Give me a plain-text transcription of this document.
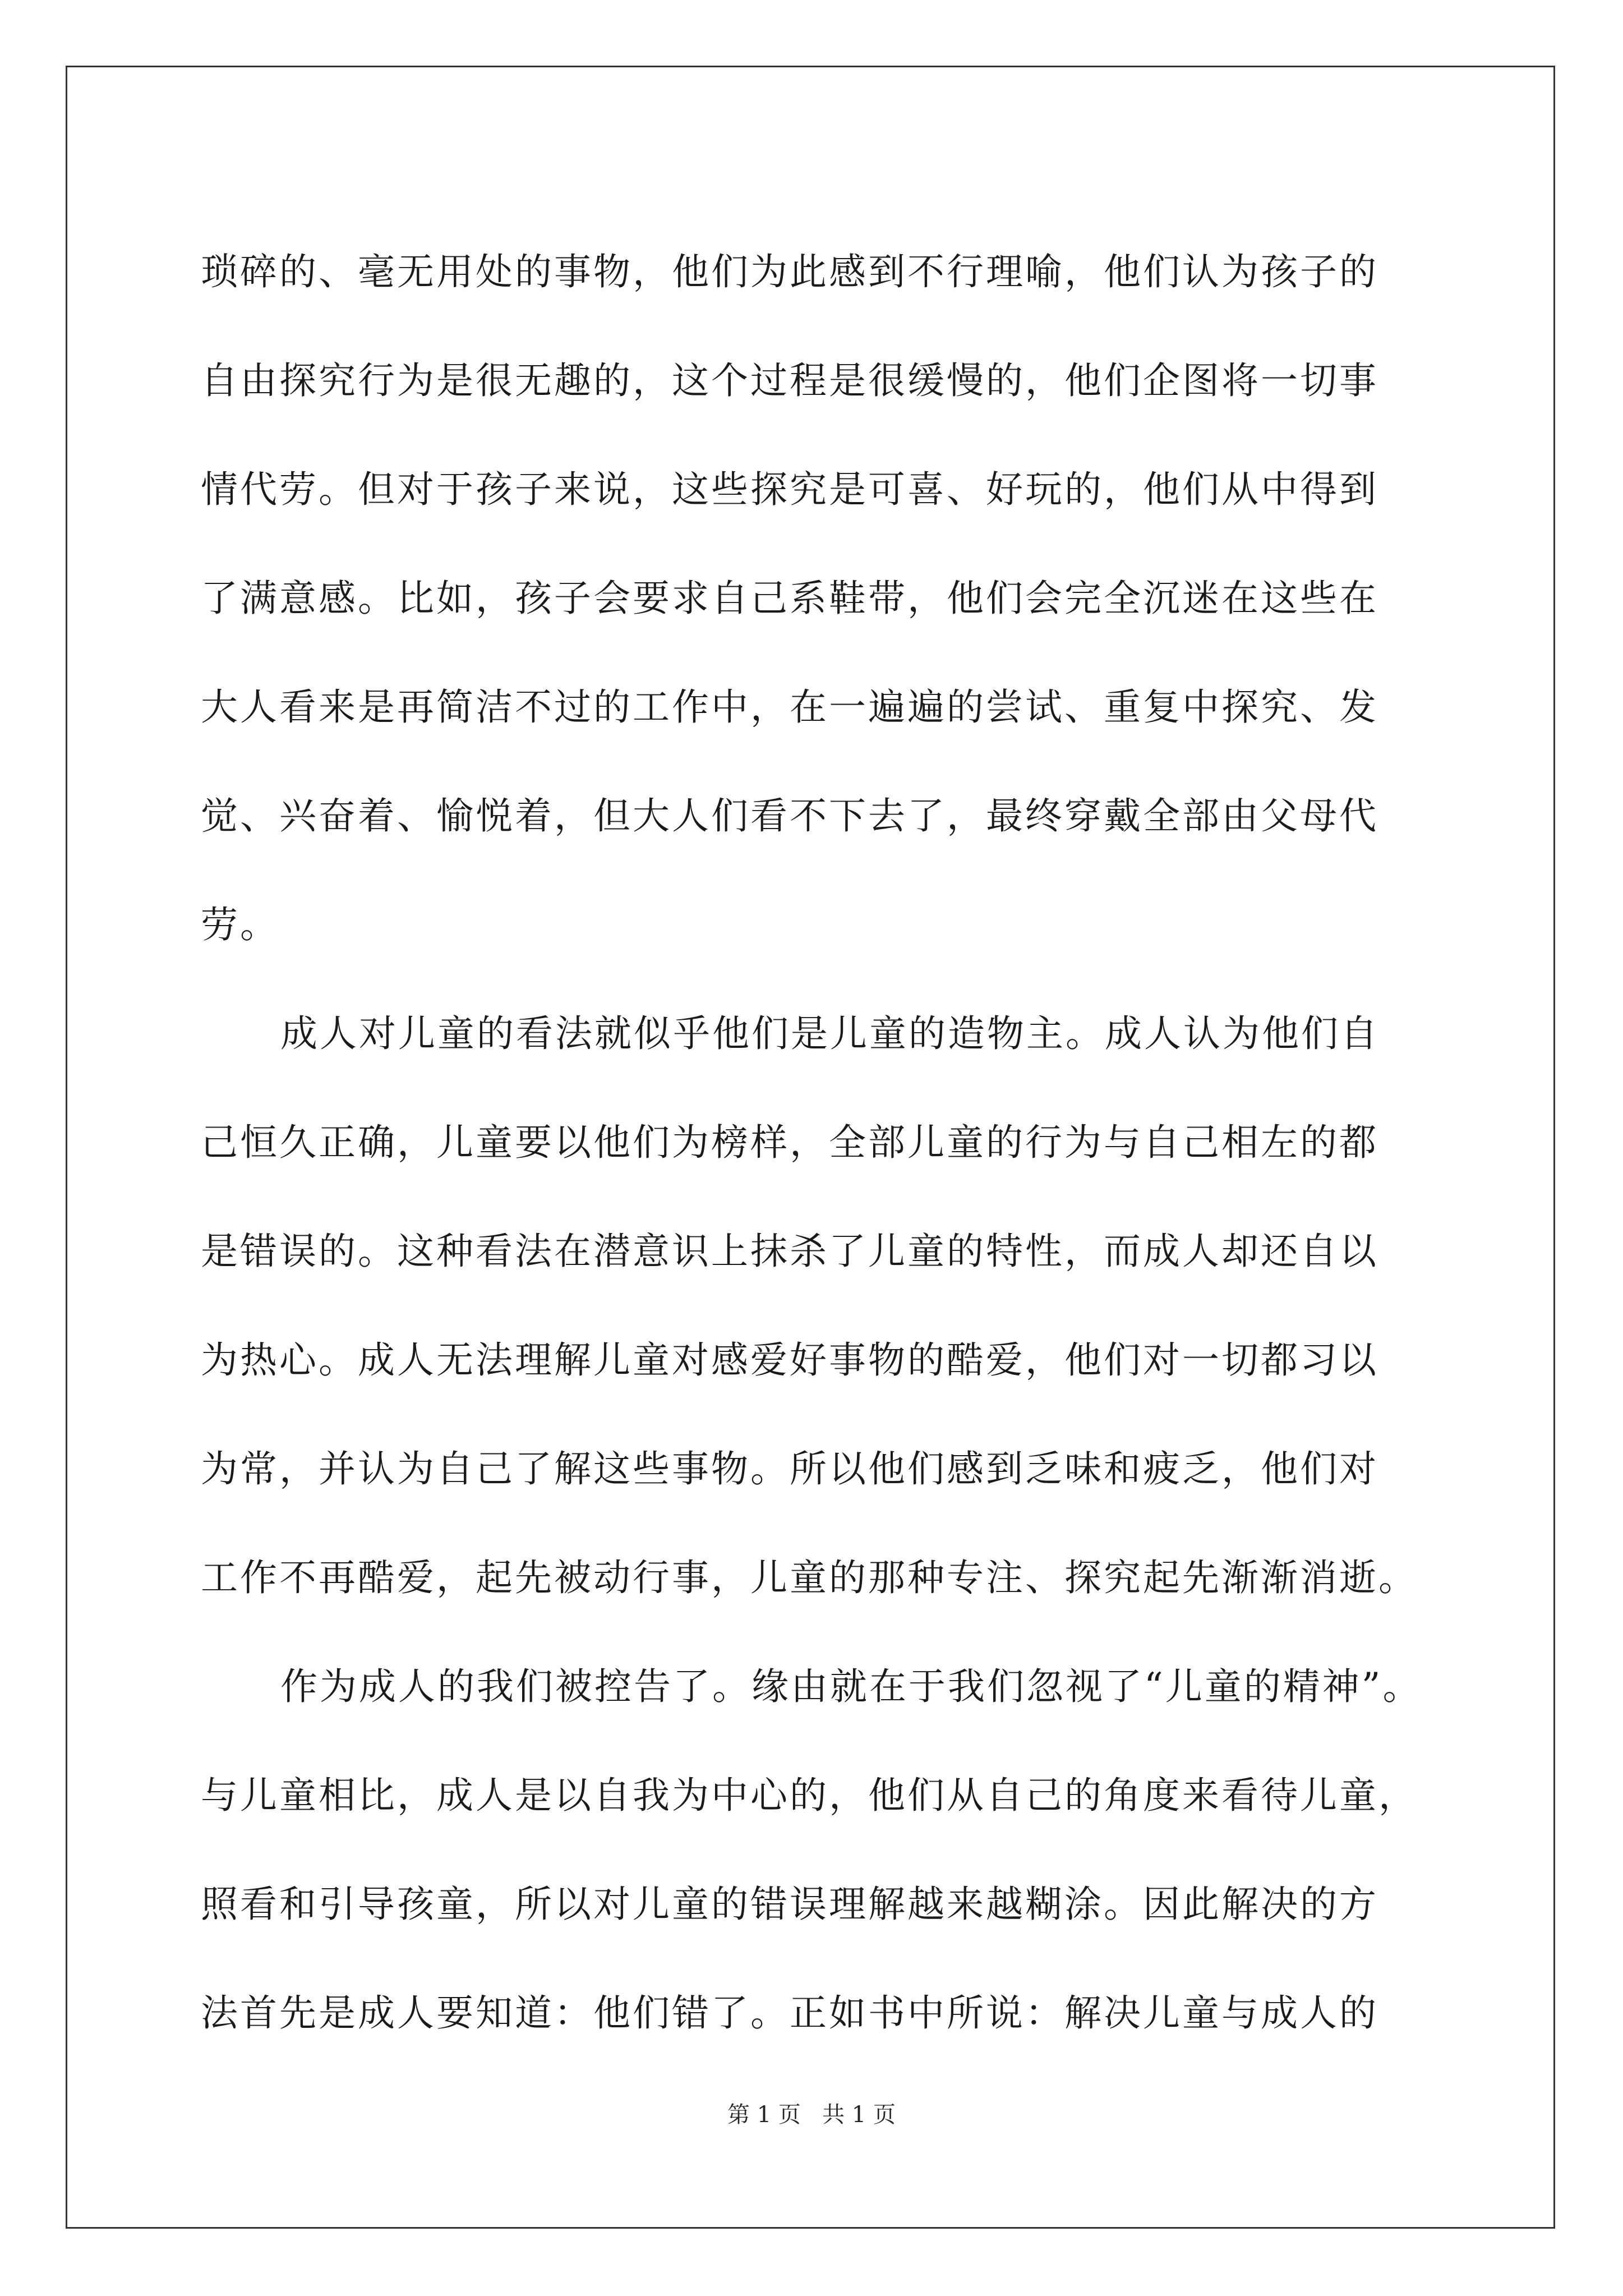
琐碎的、毫无用处的事物，他们为此感到不行理喻，他们认为孩子的
自由探究行为是很无趣的，这个过程是很缓慢的，他们企图将一切事
情代劳。但对于孩子来说，这些探究是可喜、好玩的，他们从中得到
了满意感。比如，孩子会要求自己系鞋带，他们会完全沉迷在这些在
大人看来是再简洁不过的工作中，在一遍遍的尝试、重复中探究、发
觉、兴奋着、愉悦着，但大人们看不下去了，最终穿戴全部由父母代
劳。
成人对儿童的看法就似乎他们是儿童的造物主。成人认为他们自
己恒久正确，儿童要以他们为榜样，全部儿童的行为与自己相左的都
是错误的。这种看法在潜意识上抹杀了儿童的特性，而成人却还自以
为热心。成人无法理解儿童对感爱好事物的酷爱，他们对一切都习以
为常，并认为自己了解这些事物。所以他们感到乏味和疲乏，他们对
工作不再酷爱，起先被动行事，儿童的那种专注、探究起先渐渐消逝。
作为成人的我们被控告了。缘由就在于我们忽视了“儿童的精神”。
与儿童相比，成人是以自我为中心的，他们从自己的角度来看待儿童，
照看和引导孩童，所以对儿童的错误理解越来越糊涂。因此解决的方
法首先是成人要知道：他们错了。正如书中所说：解决儿童与成人的
第 1 页   共 1 页
